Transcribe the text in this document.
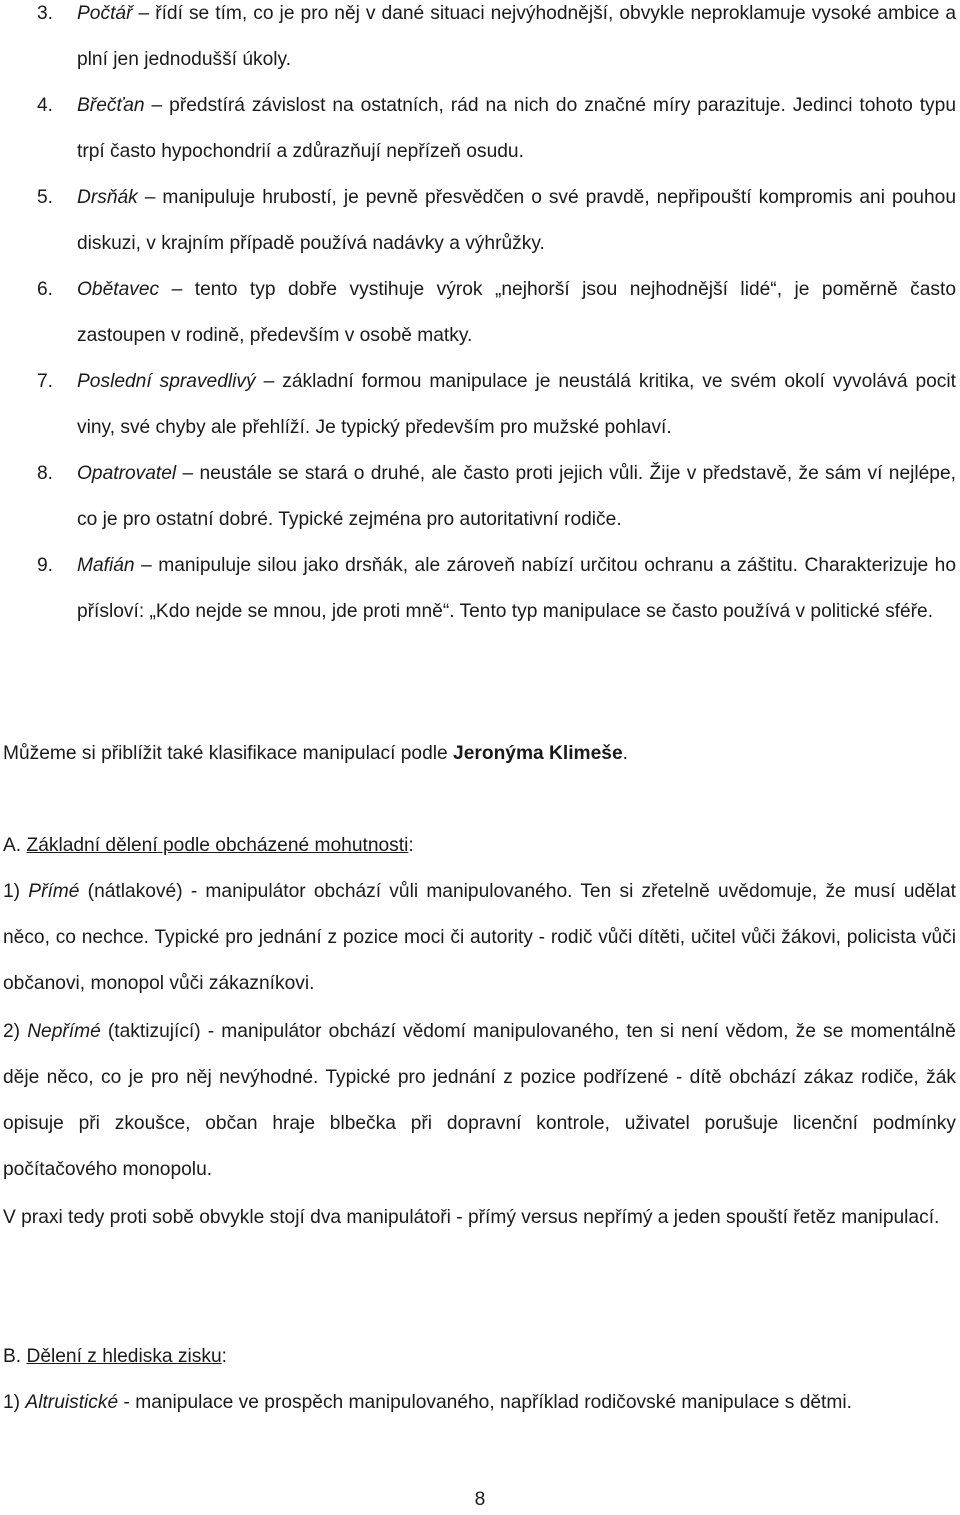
3. Počtář – řídí se tím, co je pro něj v dané situaci nejvýhodnější, obvykle neproklamuje vysoké ambice a plní jen jednodušší úkoly.
4. Břečťan – předstírá závislost na ostatních, rád na nich do značné míry parazituje. Jedinci tohoto typu trpí často hypochondrií a zdůrazňují nepřízeň osudu.
5. Drsňák – manipuluje hrubostí, je pevně přesvědčen o své pravdě, nepřipouští kompromis ani pouhou diskuzi, v krajním případě používá nadávky a výhrůžky.
6. Obětavec – tento typ dobře vystihuje výrok „nejhorší jsou nejhodnější lidé“, je poměrně často zastoupen v rodině, především v osobě matky.
7. Poslední spravedlivý – základní formou manipulace je neustálá kritika, ve svém okolí vyvolává pocit viny, své chyby ale přehlíží. Je typický především pro mužské pohlaví.
8. Opatrovatel – neustále se stará o druhé, ale často proti jejich vůli. Žije v představě, že sám ví nejlépe, co je pro ostatní dobré. Typické zejména pro autoritativní rodiče.
9. Mafián – manipuluje silou jako drsňák, ale zároveň nabízí určitou ochranu a záštitu. Charakterizuje ho přísloví: „Kdo nejde se mnou, jde proti mně“. Tento typ manipulace se často používá v politické sféře.

Můžeme si přiblížit také klasifikace manipulací podle Jeronýma Klimeše.

A. Základní dělení podle obcházené mohutnosti:

1) Přímé (nátlakové) - manipulátor obchází vůli manipulovaného. Ten si zřetelně uvědomuje, že musí udělat něco, co nechce. Typické pro jednání z pozice moci či autority - rodič vůči dítěti, učitel vůči žákovi, policista vůči občanovi, monopol vůči zákazníkovi.

2) Nepřímé (taktizující) - manipulátor obchází vědomí manipulovaného, ten si není vědom, že se momentálně děje něco, co je pro něj nevýhodné. Typické pro jednání z pozice podřízené - dítě obchází zákaz rodiče, žák opisuje při zkoušce, občan hraje blbečka při dopravní kontrole, uživatel porušuje licenční podmínky počítačového monopolu.

V praxi tedy proti sobě obvykle stojí dva manipulátoři - přímý versus nepřímý a jeden spouští řetěz manipulací.

B. Dělení z hlediska zisku:

1) Altruistické - manipulace ve prospěch manipulovaného, například rodičovské manipulace s dětmi.

8
